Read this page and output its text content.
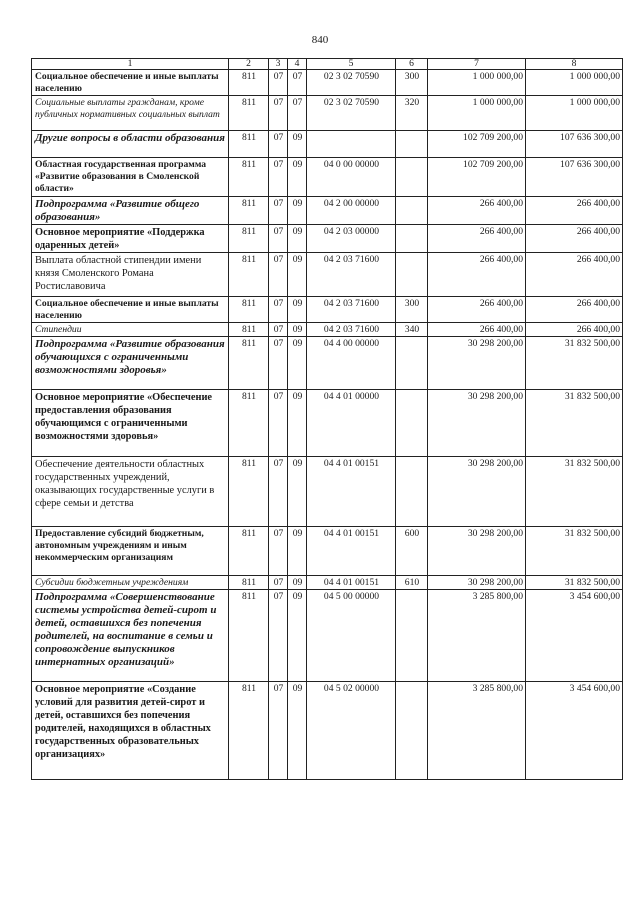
840
1	2	3	4	5	6	7	8
Социальное обеспечение и иные выплаты населению	811	07	07	02 3 02 70590	300	1 000 000,00	1 000 000,00
Социальные выплаты гражданам, кроме публичных нормативных социальных выплат	811	07	07	02 3 02 70590	320	1 000 000,00	1 000 000,00
Другие вопросы в области образования	811	07	09			102 709 200,00	107 636 300,00
Областная государственная программа «Развитие образования в Смоленской области»	811	07	09	04 0 00 00000		102 709 200,00	107 636 300,00
Подпрограмма «Развитие общего образования»	811	07	09	04 2 00 00000		266 400,00	266 400,00
Основное мероприятие «Поддержка одаренных детей»	811	07	09	04 2 03 00000		266 400,00	266 400,00
Выплата областной стипендии имени князя Смоленского Романа Ростиславовича	811	07	09	04 2 03 71600		266 400,00	266 400,00
Социальное обеспечение и иные выплаты населению	811	07	09	04 2 03 71600	300	266 400,00	266 400,00
Стипендии	811	07	09	04 2 03 71600	340	266 400,00	266 400,00
Подпрограмма «Развитие образования обучающихся с ограниченными возможностями здоровья»	811	07	09	04 4 00 00000		30 298 200,00	31 832 500,00
Основное мероприятие «Обеспечение предоставления образования обучающимся с ограниченными возможностями здоровья»	811	07	09	04 4 01 00000		30 298 200,00	31 832 500,00
Обеспечение деятельности областных государственных учреждений, оказывающих государственные услуги в сфере семьи и детства	811	07	09	04 4 01 00151		30 298 200,00	31 832 500,00
Предоставление субсидий бюджетным, автономным учреждениям и иным некоммерческим организациям	811	07	09	04 4 01 00151	600	30 298 200,00	31 832 500,00
Субсидии бюджетным учреждениям	811	07	09	04 4 01 00151	610	30 298 200,00	31 832 500,00
Подпрограмма «Совершенствование системы устройства детей-сирот и детей, оставшихся без попечения родителей, на воспитание в семьи и сопровождение выпускников интернатных организаций»	811	07	09	04 5 00 00000		3 285 800,00	3 454 600,00
Основное мероприятие «Создание условий для развития детей-сирот и детей, оставшихся без попечения родителей, находящихся в областных государственных образовательных организациях»	811	07	09	04 5 02 00000		3 285 800,00	3 454 600,00
